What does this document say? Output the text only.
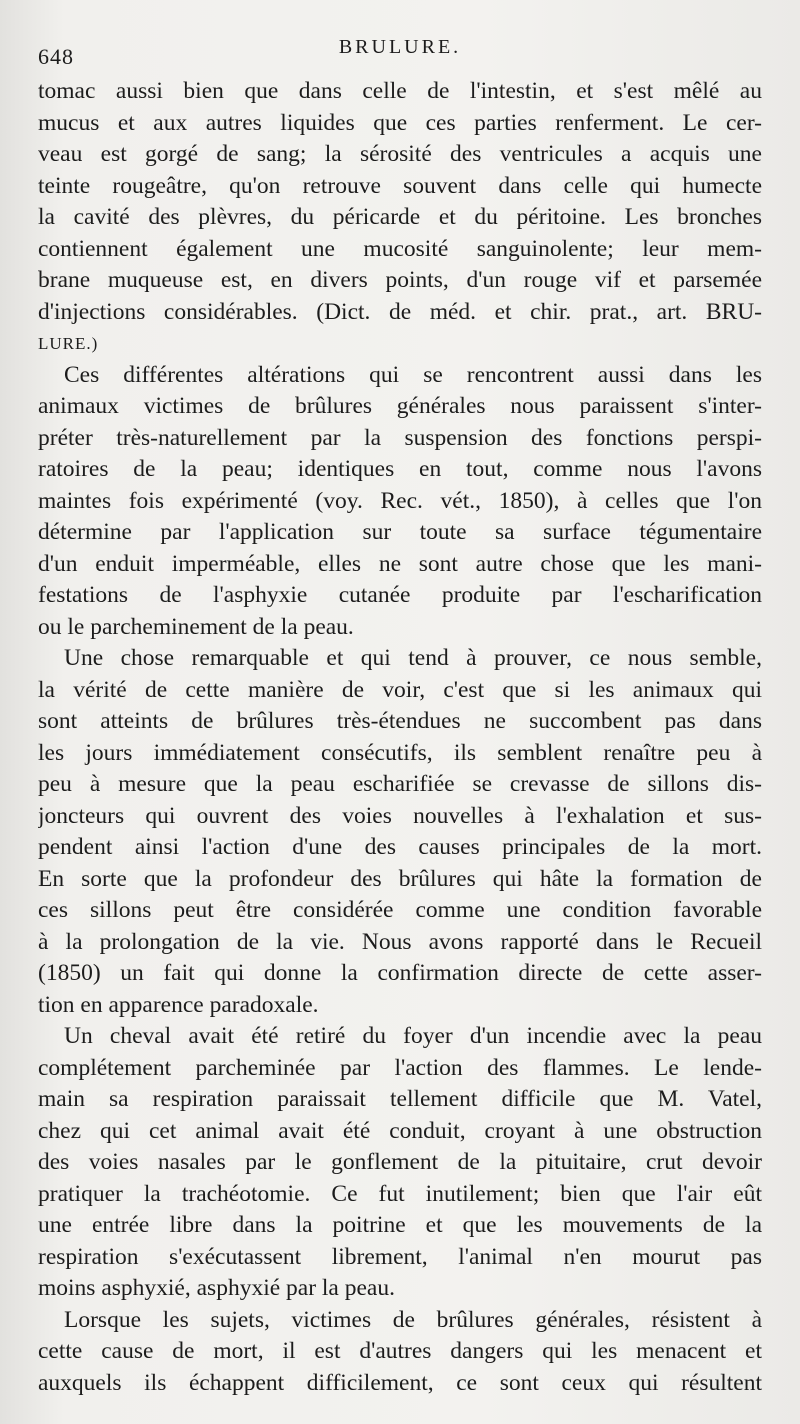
648	BRULURE.
tomac aussi bien que dans celle de l'intestin, et s'est mêlé au
mucus et aux autres liquides que ces parties renferment. Le cer-
veau est gorgé de sang; la sérosité des ventricules a acquis une
teinte rougeâtre, qu'on retrouve souvent dans celle qui humecte
la cavité des plèvres, du péricarde et du péritoine. Les bronches
contiennent également une mucosité sanguinolente; leur mem-
brane muqueuse est, en divers points, d'un rouge vif et parsemée
d'injections considérables. (Dict. de méd. et chir. prat., art. BRU-
LURE.)
Ces différentes altérations qui se rencontrent aussi dans les
animaux victimes de brûlures générales nous paraissent s'inter-
préter très-naturellement par la suspension des fonctions perspi-
ratoires de la peau; identiques en tout, comme nous l'avons
maintes fois expérimenté (voy. Rec. vét., 1850), à celles que l'on
détermine par l'application sur toute sa surface tégumentaire
d'un enduit imperméable, elles ne sont autre chose que les mani-
festations de l'asphyxie cutanée produite par l'escharification
ou le parcheminement de la peau.
Une chose remarquable et qui tend à prouver, ce nous semble,
la vérité de cette manière de voir, c'est que si les animaux qui
sont atteints de brûlures très-étendues ne succombent pas dans
les jours immédiatement consécutifs, ils semblent renaître peu à
peu à mesure que la peau escharifiée se crevasse de sillons dis-
joncteurs qui ouvrent des voies nouvelles à l'exhalation et sus-
pendent ainsi l'action d'une des causes principales de la mort.
En sorte que la profondeur des brûlures qui hâte la formation de
ces sillons peut être considérée comme une condition favorable
à la prolongation de la vie. Nous avons rapporté dans le Recueil
(1850) un fait qui donne la confirmation directe de cette asser-
tion en apparence paradoxale.
Un cheval avait été retiré du foyer d'un incendie avec la peau
complétement parcheminée par l'action des flammes. Le lende-
main sa respiration paraissait tellement difficile que M. Vatel,
chez qui cet animal avait été conduit, croyant à une obstruction
des voies nasales par le gonflement de la pituitaire, crut devoir
pratiquer la trachéotomie. Ce fut inutilement; bien que l'air eût
une entrée libre dans la poitrine et que les mouvements de la
respiration s'exécutassent librement, l'animal n'en mourut pas
moins asphyxié, asphyxié par la peau.
Lorsque les sujets, victimes de brûlures générales, résistent à
cette cause de mort, il est d'autres dangers qui les menacent et
auxquels ils échappent difficilement, ce sont ceux qui résultent
